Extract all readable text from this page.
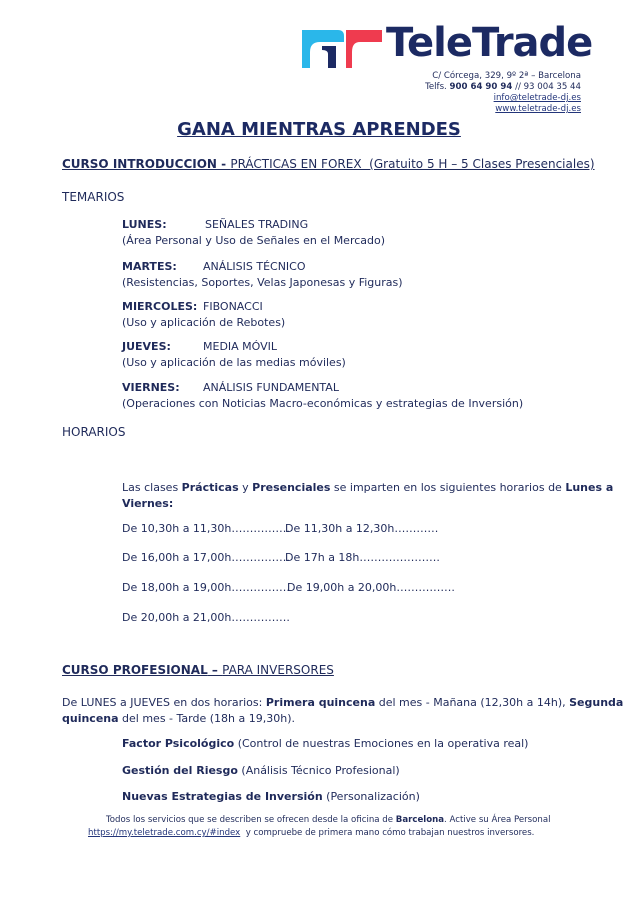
TeleTrade
C/ Córcega, 329, 9º 2ª – Barcelona
Telfs. 900 64 90 94 // 93 004 35 44
info@teletrade-dj.es
www.teletrade-dj.es
GANA MIENTRAS APRENDES
CURSO INTRODUCCION - PRÁCTICAS EN FOREX  (Gratuito 5 H – 5 Clases Presenciales)
TEMARIOS
LUNES:	SEÑALES TRADING
(Área Personal y Uso de Señales en el Mercado)
MARTES: ANÁLISIS TÉCNICO
(Resistencias, Soportes, Velas Japonesas y Figuras)
MIERCOLES: FIBONACCI
(Uso y aplicación de Rebotes)
JUEVES:	MEDIA MÓVIL
(Uso y aplicación de las medias móviles)
VIERNES: ANÁLISIS FUNDAMENTAL
(Operaciones con Noticias Macro-económicas y estrategias de Inversión)
HORARIOS
Las clases Prácticas y Presenciales se imparten en los siguientes horarios de Lunes a
Viernes:
De 10,30h a 11,30h…………….
De 11,30h a 12,30h…………
De 16,00h a 17,00h…………….
De 17h a 18h………………….
De 18,00h a 19,00h…………….
De 19,00h a 20,00h…………….
De 20,00h a 21,00h…………….
CURSO PROFESIONAL – PARA INVERSORES
De LUNES a JUEVES en dos horarios: Primera quincena del mes - Mañana (12,30h a 14h), Segunda
quincena del mes - Tarde (18h a 19,30h).
Factor Psicológico (Control de nuestras Emociones en la operativa real)
Gestión del Riesgo (Análisis Técnico Profesional)
Nuevas Estrategias de Inversión (Personalización)
Todos los servicios que se describen se ofrecen desde la oficina de Barcelona. Active su Área Personal
https://my.teletrade.com.cy/#index  y compruebe de primera mano cómo trabajan nuestros inversores.
